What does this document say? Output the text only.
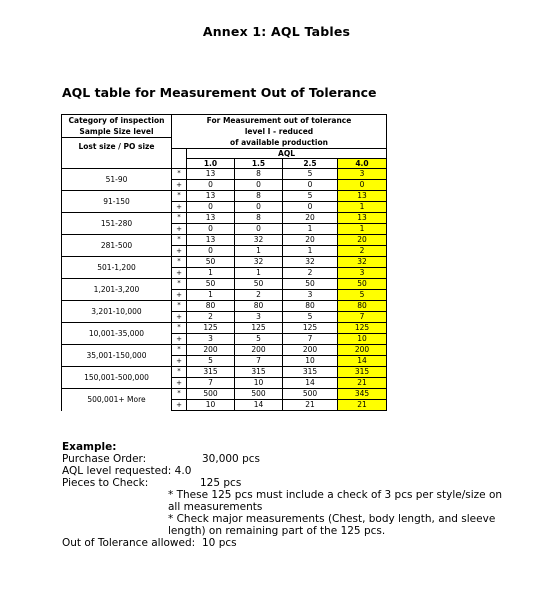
Annex 1: AQL Tables
AQL table for Measurement Out of Tolerance
Category of inspection	For Measurement out of tolerance				
Sample Size level	level I - reduced				
Lost size / PO size	of available production				
		AQL			
		1.0	1.5	2.5	4.0
51-90	*	13	8	5	3
	+	0	0	0	0
91-150	*	13	8	5	13
	+	0	0	0	1
151-280	*	13	8	20	13
	+	0	0	1	1
281-500	*	13	32	20	20
	+	0	1	1	2
501-1,200	*	50	32	32	32
	+	1	1	2	3
1,201-3,200	*	50	50	50	50
	+	1	2	3	5
3,201-10,000	*	80	80	80	80
	+	2	3	5	7
10,001-35,000	*	125	125	125	125
	+	3	5	7	10
35,001-150,000	*	200	200	200	200
	+	5	7	10	14
150,001-500,000	*	315	315	315	315
	+	7	10	14	21
500,001+ More	*	500	500	500	345
	+	10	14	21	21
Example:
Purchase Order:	30,000 pcs
AQL level requested: 4.0
Pieces to Check:	125 pcs
* These 125 pcs must include a check of 3 pcs per style/size on all measurements
* Check major measurements (Chest, body length, and sleeve length) on remaining part of the 125 pcs.
Out of Tolerance allowed: 10 pcs
